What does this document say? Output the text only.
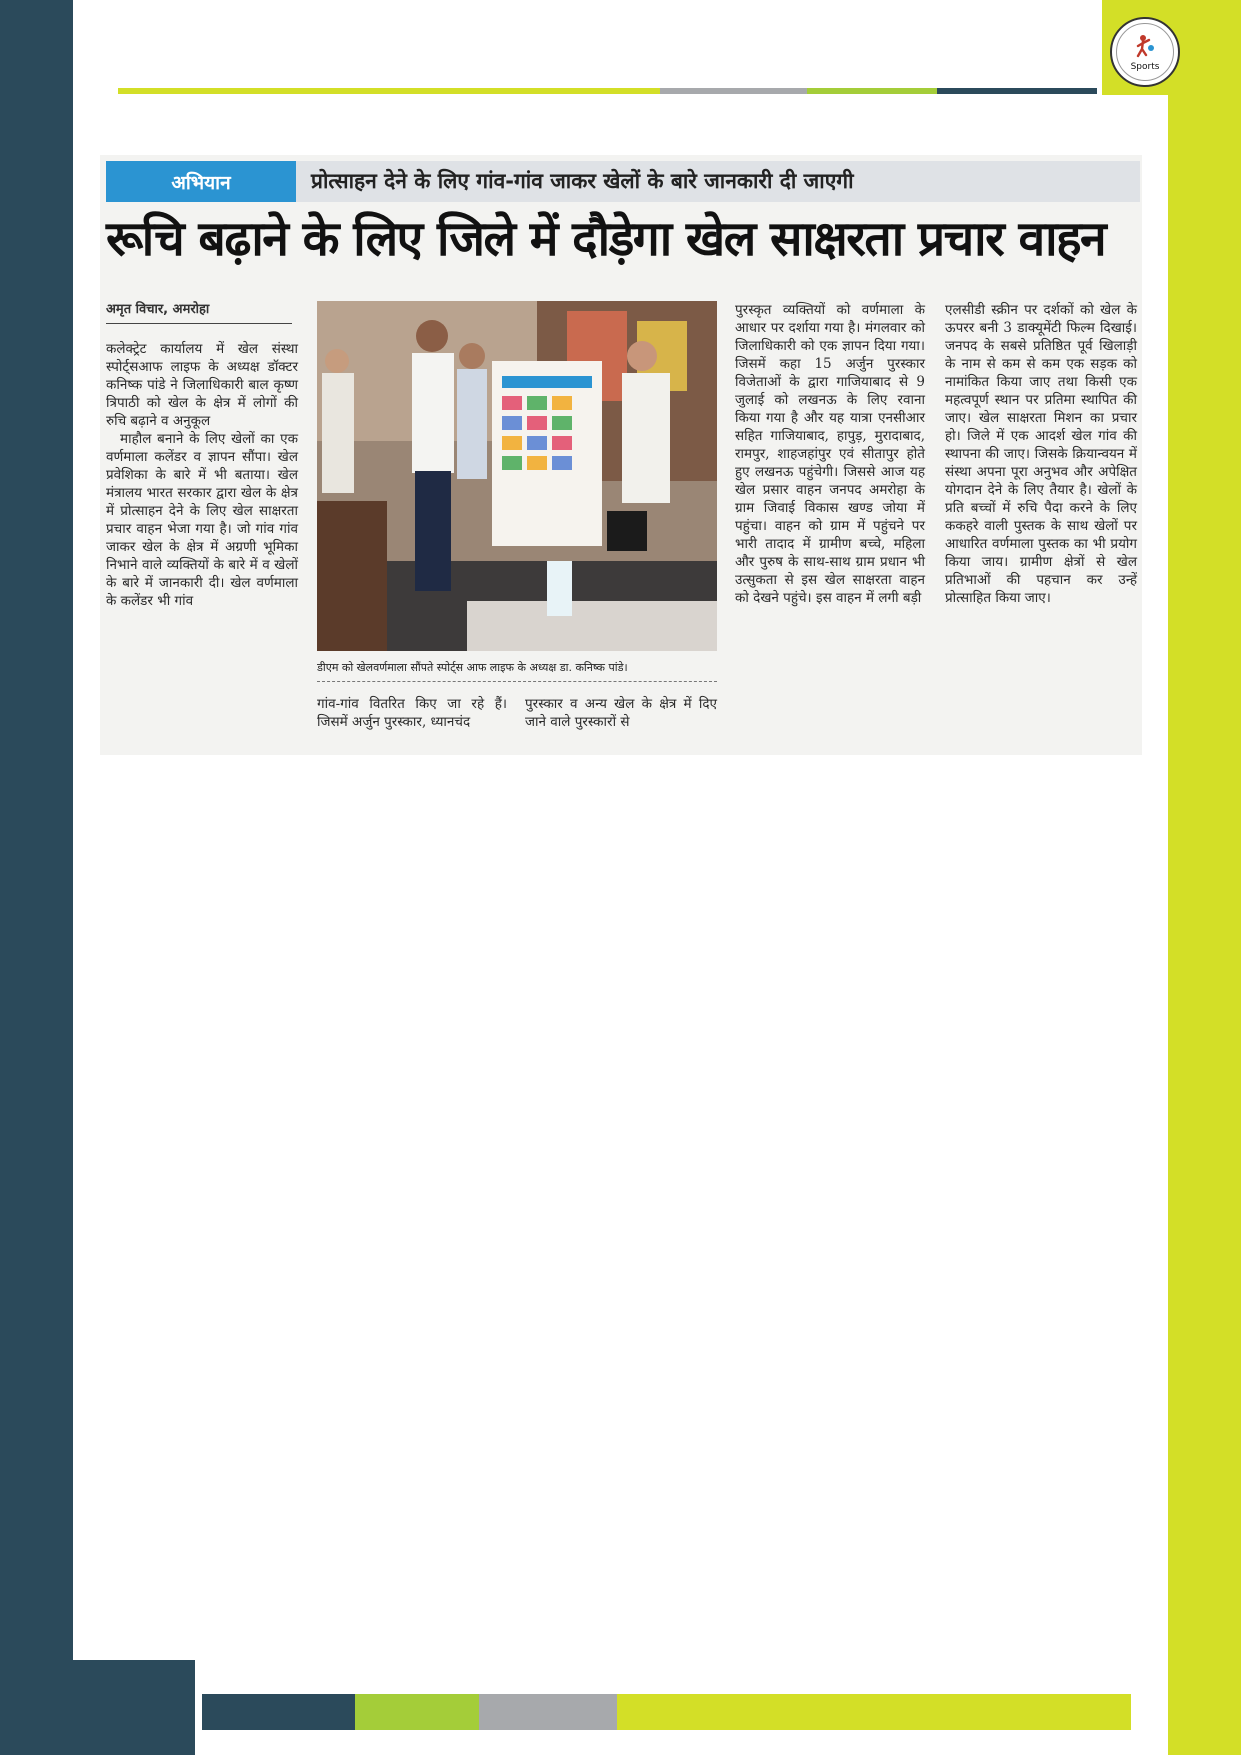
Sports
अभियान	प्रोत्साहन देने के लिए गांव-गांव जाकर खेलों के बारे जानकारी दी जाएगी
रूचि बढ़ाने के लिए जिले में दौड़ेगा खेल साक्षरता प्रचार वाहन
अमृत विचार, अमरोहा

कलेक्ट्रेट कार्यालय में खेल संस्था स्पोर्ट्सआफ लाइफ के अध्यक्ष डॉक्टर कनिष्क पांडे ने जिलाधिकारी बाल कृष्ण त्रिपाठी को खेल के क्षेत्र में लोगों की रुचि बढ़ाने व अनुकूल

माहौल बनाने के लिए खेलों का एक वर्णमाला कलेंडर व ज्ञापन सौंपा। खेल प्रवेशिका के बारे में भी बताया। खेल मंत्रालय भारत सरकार द्वारा खेल के क्षेत्र में प्रोत्साहन देने के लिए खेल साक्षरता प्रचार वाहन भेजा गया है। जो गांव गांव जाकर खेल के क्षेत्र में अग्रणी भूमिका निभाने वाले व्यक्तियों के बारे में व खेलों के बारे में जानकारी दी। खेल वर्णमाला के कलेंडर भी गांव

डीएम को खेलवर्णमाला सौंपते स्पोर्ट्स आफ लाइफ के अध्यक्ष डा. कनिष्क पांडे।
गांव-गांव वितरित किए जा रहे हैं। जिसमें अर्जुन पुरस्कार, ध्यानचंद
पुरस्कार व अन्य खेल के क्षेत्र में दिए जाने वाले पुरस्कारों से
पुरस्कृत व्यक्तियों को वर्णमाला के आधार पर दर्शाया गया है। मंगलवार को जिलाधिकारी को एक ज्ञापन दिया गया। जिसमें कहा 15 अर्जुन पुरस्कार विजेताओं के द्वारा गाजियाबाद से 9 जुलाई को लखनऊ के लिए रवाना किया गया है और यह यात्रा एनसीआर सहित गाजियाबाद, हापुड़, मुरादाबाद, रामपुर, शाहजहांपुर एवं सीतापुर होते हुए लखनऊ पहुंचेगी। जिससे आज यह खेल प्रसार वाहन जनपद अमरोहा के ग्राम जिवाई विकास खण्ड जोया में पहुंचा। वाहन को ग्राम में पहुंचने पर भारी तादाद में ग्रामीण बच्चे, महिला और पुरुष के साथ-साथ ग्राम प्रधान भी उत्सुकता से इस खेल साक्षरता वाहन को देखने पहुंचे। इस वाहन में लगी बड़ी
एलसीडी स्क्रीन पर दर्शकों को खेल के ऊपरर बनी 3 डाक्यूमेंटी फिल्म दिखाई। जनपद के सबसे प्रतिष्ठित पूर्व खिलाड़ी के नाम से कम से कम एक सड़क को नामांकित किया जाए तथा किसी एक महत्वपूर्ण स्थान पर प्रतिमा स्थापित की जाए। खेल साक्षरता मिशन का प्रचार हो। जिले में एक आदर्श खेल गांव की स्थापना की जाए। जिसके क्रियान्वयन में संस्था अपना पूरा अनुभव और अपेक्षित योगदान देने के लिए तैयार है। खेलों के प्रति बच्चों में रुचि पैदा करने के लिए ककहरे वाली पुस्तक के साथ खेलों पर आधारित वर्णमाला पुस्तक का भी प्रयोग किया जाय। ग्रामीण क्षेत्रों से खेल प्रतिभाओं की पहचान कर उन्हें प्रोत्साहित किया जाए।
